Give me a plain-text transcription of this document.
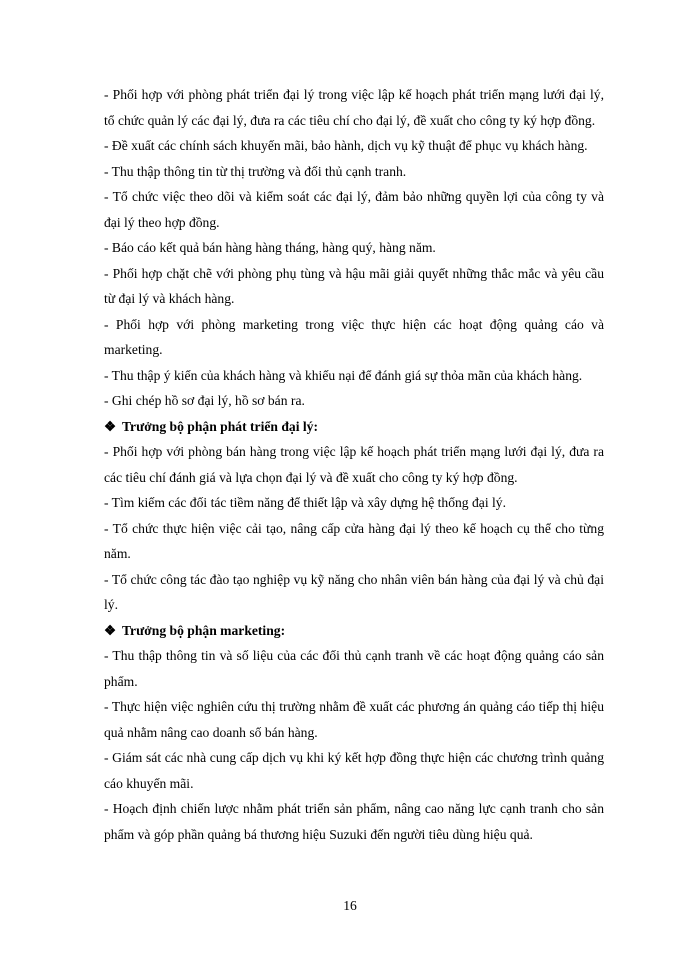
- Phối hợp với phòng phát triển đại lý trong việc lập kế hoạch phát triển mạng lưới đại lý, tổ chức quản lý các đại lý, đưa ra các tiêu chí cho đại lý, đề xuất cho công ty ký hợp đồng.

- Đề xuất các chính sách khuyến mãi, bảo hành, dịch vụ kỹ thuật để phục vụ khách hàng.

- Thu thập thông tin từ thị trường và đối thủ cạnh tranh.

- Tổ chức việc theo dõi và kiểm soát các đại lý, đảm bảo những quyền lợi của công ty và đại lý theo hợp đồng.

- Báo cáo kết quả bán hàng hàng tháng, hàng quý, hàng năm.

- Phối hợp chặt chẽ với phòng phụ tùng và hậu mãi giải quyết những thắc mắc và yêu cầu từ đại lý và khách hàng.

- Phối hợp với phòng marketing trong việc thực hiện các hoạt động quảng cáo và marketing.

- Thu thập ý kiến của khách hàng và khiếu nại để đánh giá sự thỏa mãn của khách hàng.

- Ghi chép hồ sơ đại lý, hồ sơ bán ra.

❖ Trưởng bộ phận phát triển đại lý:

- Phối hợp với phòng bán hàng trong việc lập kế hoạch phát triển mạng lưới đại lý, đưa ra các tiêu chí đánh giá và lựa chọn đại lý và đề xuất cho công ty ký hợp đồng.

- Tìm kiếm các đối tác tiềm năng để thiết lập và xây dựng hệ thống đại lý.

- Tổ chức thực hiện việc cải tạo, nâng cấp cửa hàng đại lý theo kế hoạch cụ thể cho từng năm.

- Tổ chức công tác đào tạo nghiệp vụ kỹ năng cho nhân viên bán hàng của đại lý và chủ đại lý.

❖ Trưởng bộ phận marketing:

- Thu thập thông tin và số liệu của các đối thủ cạnh tranh về các hoạt động quảng cáo sản phẩm.

- Thực hiện việc nghiên cứu thị trường nhằm đề xuất các phương án quảng cáo tiếp thị hiệu quả nhằm nâng cao doanh số bán hàng.

- Giám sát các nhà cung cấp dịch vụ khi ký kết hợp đồng thực hiện các chương trình quảng cáo khuyến mãi.

- Hoạch định chiến lược nhằm phát triển sản phẩm, nâng cao năng lực cạnh tranh cho sản phẩm và góp phần quảng bá thương hiệu Suzuki đến người tiêu dùng hiệu quả.

16
